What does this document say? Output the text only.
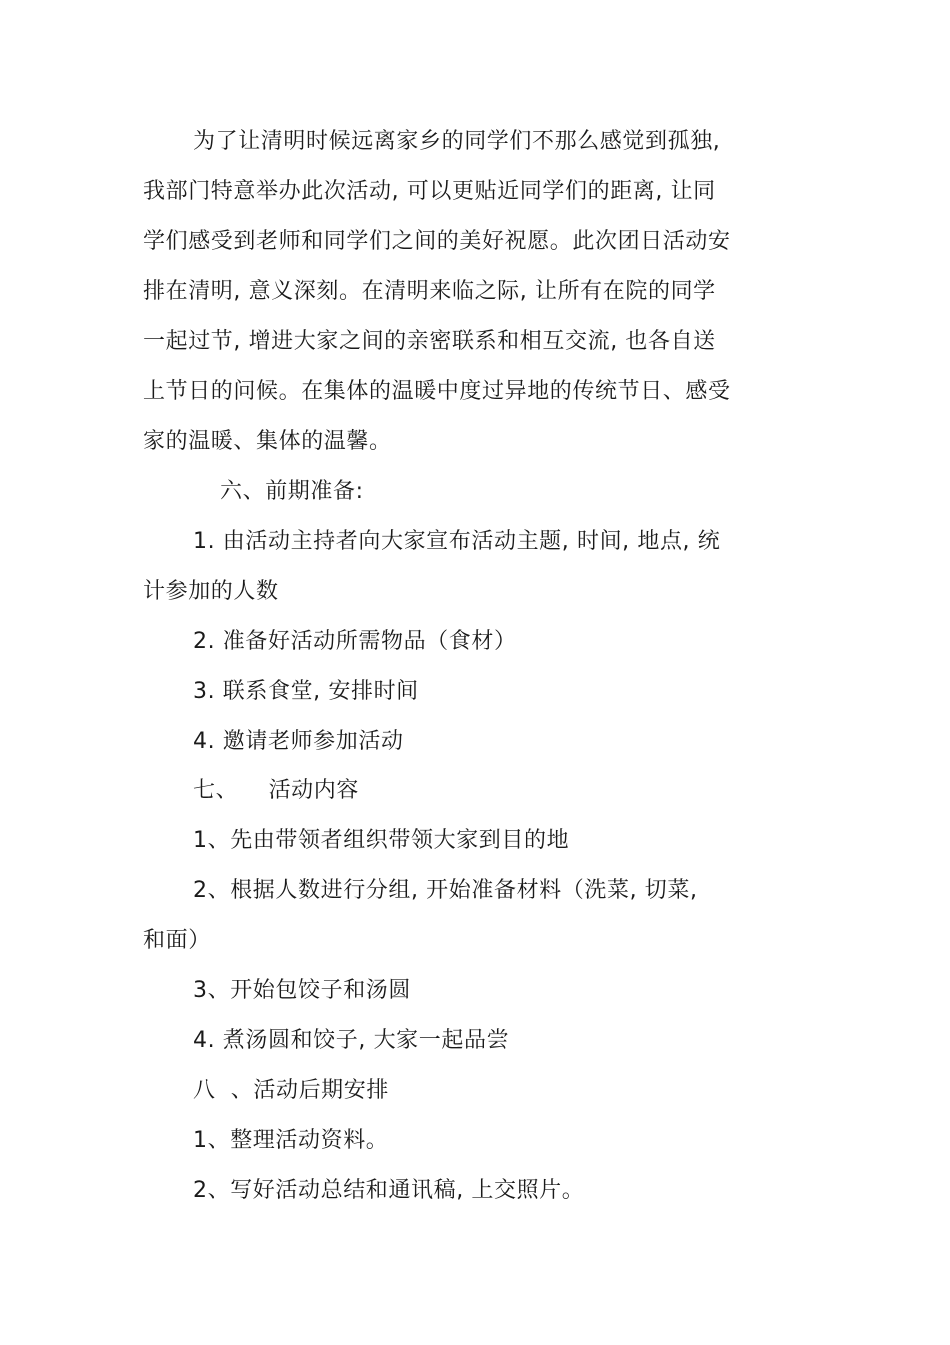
为了让清明时候远离家乡的同学们不那么感觉到孤独,
我部门特意举办此次活动, 可以更贴近同学们的距离, 让同
学们感受到老师和同学们之间的美好祝愿。此次团日活动安
排在清明, 意义深刻。在清明来临之际, 让所有在院的同学
一起过节, 增进大家之间的亲密联系和相互交流, 也各自送
上节日的问候。在集体的温暖中度过异地的传统节日、感受
家的温暖、集体的温馨。
六、前期准备:
1. 由活动主持者向大家宣布活动主题, 时间, 地点, 统
计参加的人数
2. 准备好活动所需物品（食材）
3. 联系食堂, 安排时间
4. 邀请老师参加活动
七、    活动内容
1、先由带领者组织带领大家到目的地
2、根据人数进行分组, 开始准备材料（洗菜, 切菜,
和面）
3、开始包饺子和汤圆
4. 煮汤圆和饺子, 大家一起品尝
八  、活动后期安排
1、整理活动资料。
2、写好活动总结和通讯稿, 上交照片。
